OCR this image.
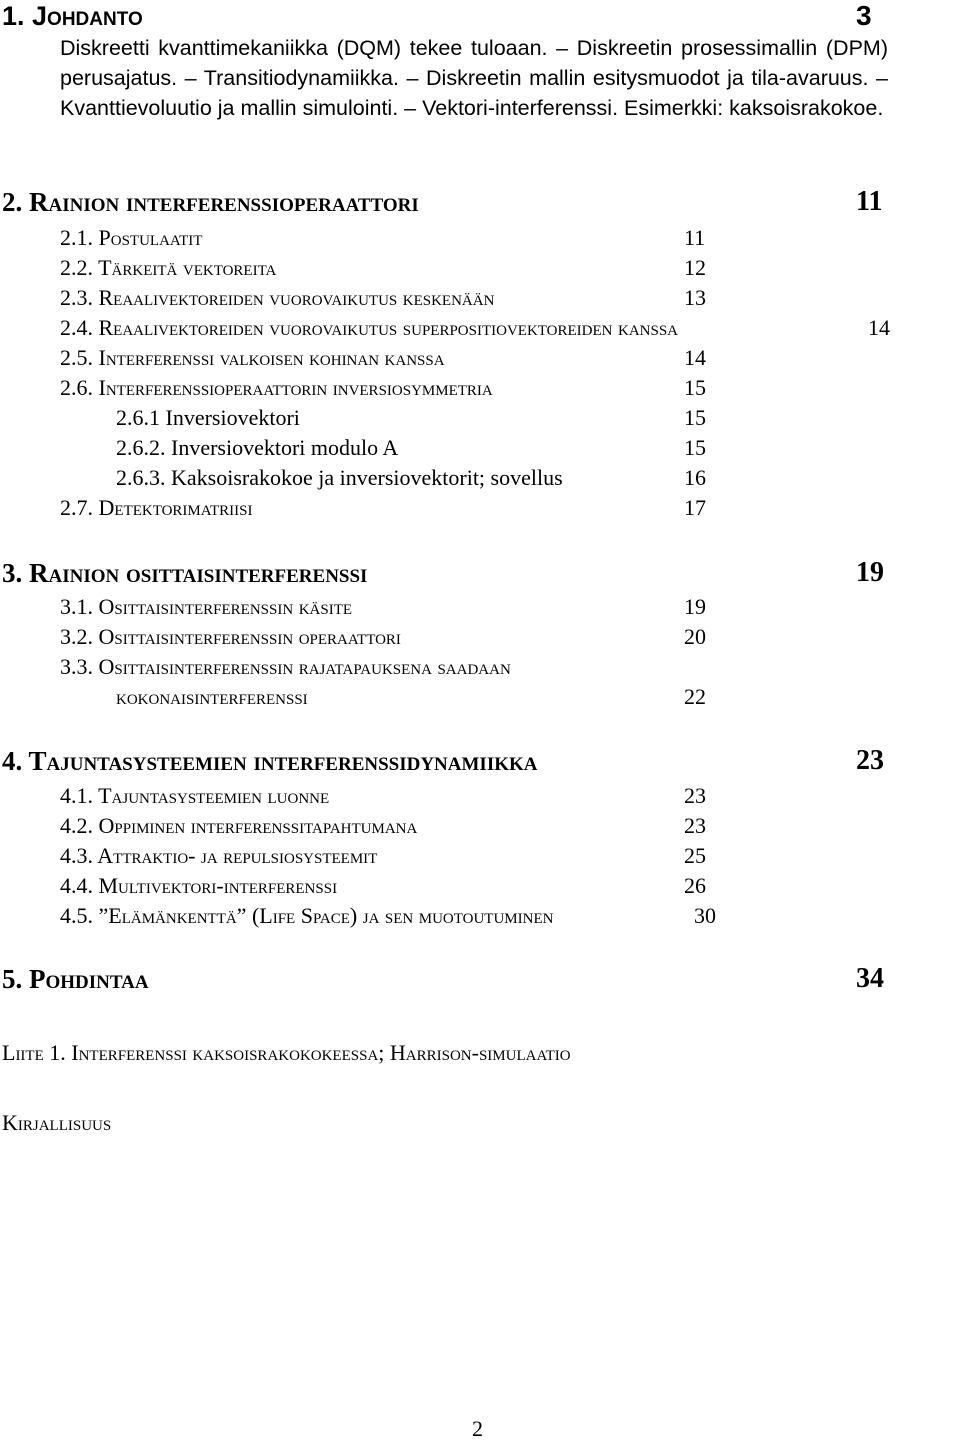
1. Johdanto	3
Diskreetti kvanttimekaniikka (DQM) tekee tuloaan. – Diskreetin prosessimallin (DPM) perusajatus. – Transitiodynamiikka. – Diskreetin mallin esitysmuodot ja tila-avaruus. – Kvanttievoluutio ja mallin simulointi. – Vektori-interferenssi. Esimerkki: kaksoisrakokoe.
2. Rainion interferenssioperaattori	11
2.1. Postulaatit	11
2.2. Tärkeitä vektoreita	12
2.3. Reaalivektoreiden vuorovaikutus keskenään	13
2.4. Reaalivektoreiden vuorovaikutus superpositiovektoreiden kanssa	14
2.5. Interferenssi valkoisen kohinan kanssa	14
2.6. Interferenssioperaattorin inversiosymmetria	15
2.6.1 Inversiovektori	15
2.6.2. Inversiovektori modulo A	15
2.6.3. Kaksoisrakokoe ja inversiovektorit; sovellus	16
2.7. Detektorimatriisi	17
3. Rainion osittaisinterferenssi	19
3.1. Osittaisinterferenssin käsite	19
3.2. Osittaisinterferenssin operaattori	20
3.3. Osittaisinterferenssin rajatapauksena saadaan
kokonaisinterferenssi	22
4. Tajuntasysteemien interferenssidynamiikka	23
4.1. Tajuntasysteemien luonne	23
4.2. Oppiminen interferenssitapahtumana	23
4.3. Attraktio- ja repulsiosysteemit	25
4.4. Multivektori-interferenssi	26
4.5. ”Elämänkenttä” (Life Space) ja sen muotoutuminen	30
5. Pohdintaa	34
Liite 1. Interferenssi kaksoisrakokokeessa; Harrison-simulaatio
Kirjallisuus
2
